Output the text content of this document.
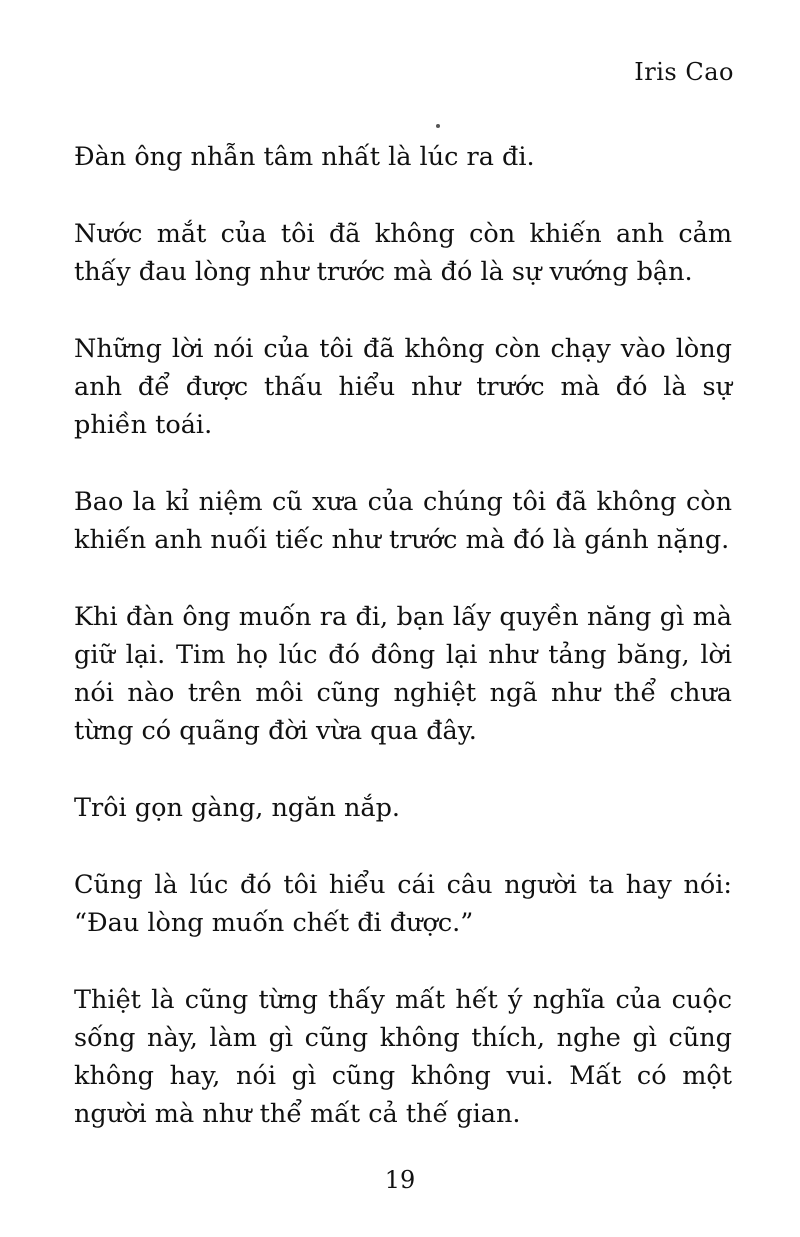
Iris Cao

Đàn ông nhẫn tâm nhất là lúc ra đi.

Nước mắt của tôi đã không còn khiến anh cảm thấy đau lòng như trước mà đó là sự vướng bận.

Những lời nói của tôi đã không còn chạy vào lòng anh để được thấu hiểu như trước mà đó là sự phiền toái.

Bao la kỉ niệm cũ xưa của chúng tôi đã không còn khiến anh nuối tiếc như trước mà đó là gánh nặng.

Khi đàn ông muốn ra đi, bạn lấy quyền năng gì mà giữ lại. Tim họ lúc đó đông lại như tảng băng, lời nói nào trên môi cũng nghiệt ngã như thể chưa từng có quãng đời vừa qua đây.

Trôi gọn gàng, ngăn nắp.

Cũng là lúc đó tôi hiểu cái câu người ta hay nói: “Đau lòng muốn chết đi được.”

Thiệt là cũng từng thấy mất hết ý nghĩa của cuộc sống này, làm gì cũng không thích, nghe gì cũng không hay, nói gì cũng không vui. Mất có một người mà như thể mất cả thế gian.

19
